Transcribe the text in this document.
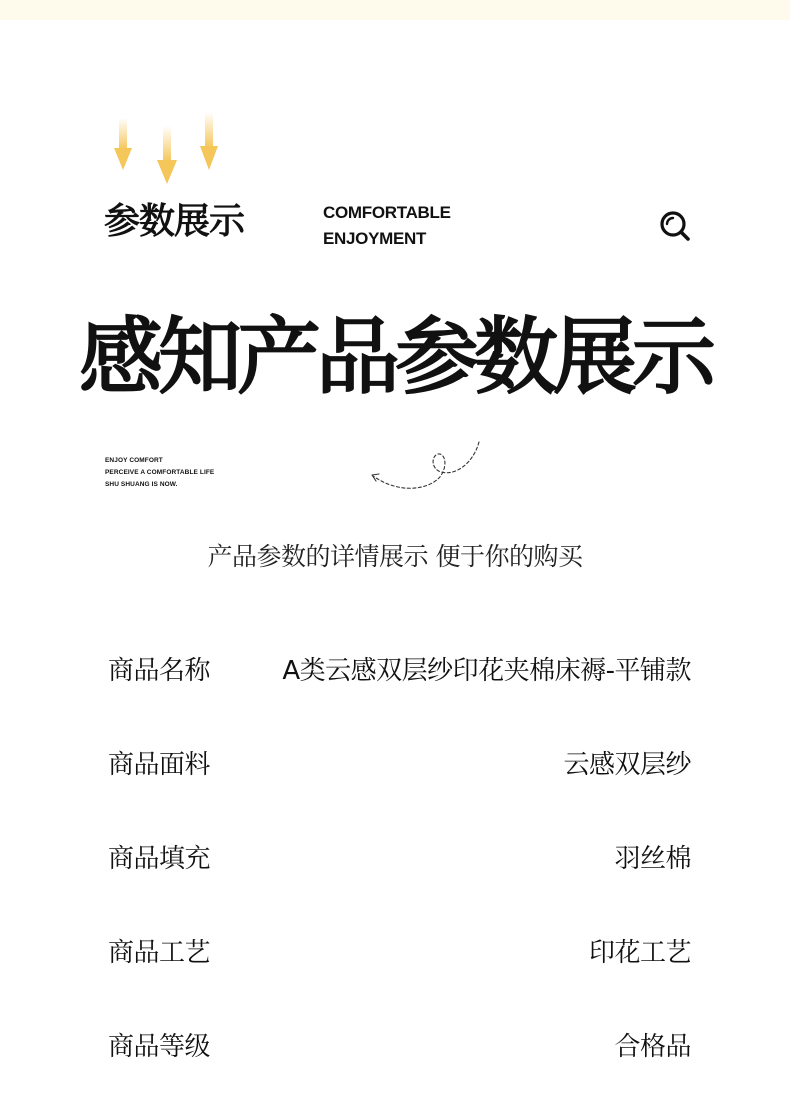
参数展示	COMFORTABLE
ENJOYMENT
感知产品参数展示
ENJOY COMFORT
PERCEIVE A COMFORTABLE LIFE
SHU SHUANG IS NOW.
产品参数的详情展示 便于你的购买
商品名称	A类云感双层纱印花夹棉床褥-平铺款
商品面料	云感双层纱
商品填充	羽丝棉
商品工艺	印花工艺
商品等级	合格品
